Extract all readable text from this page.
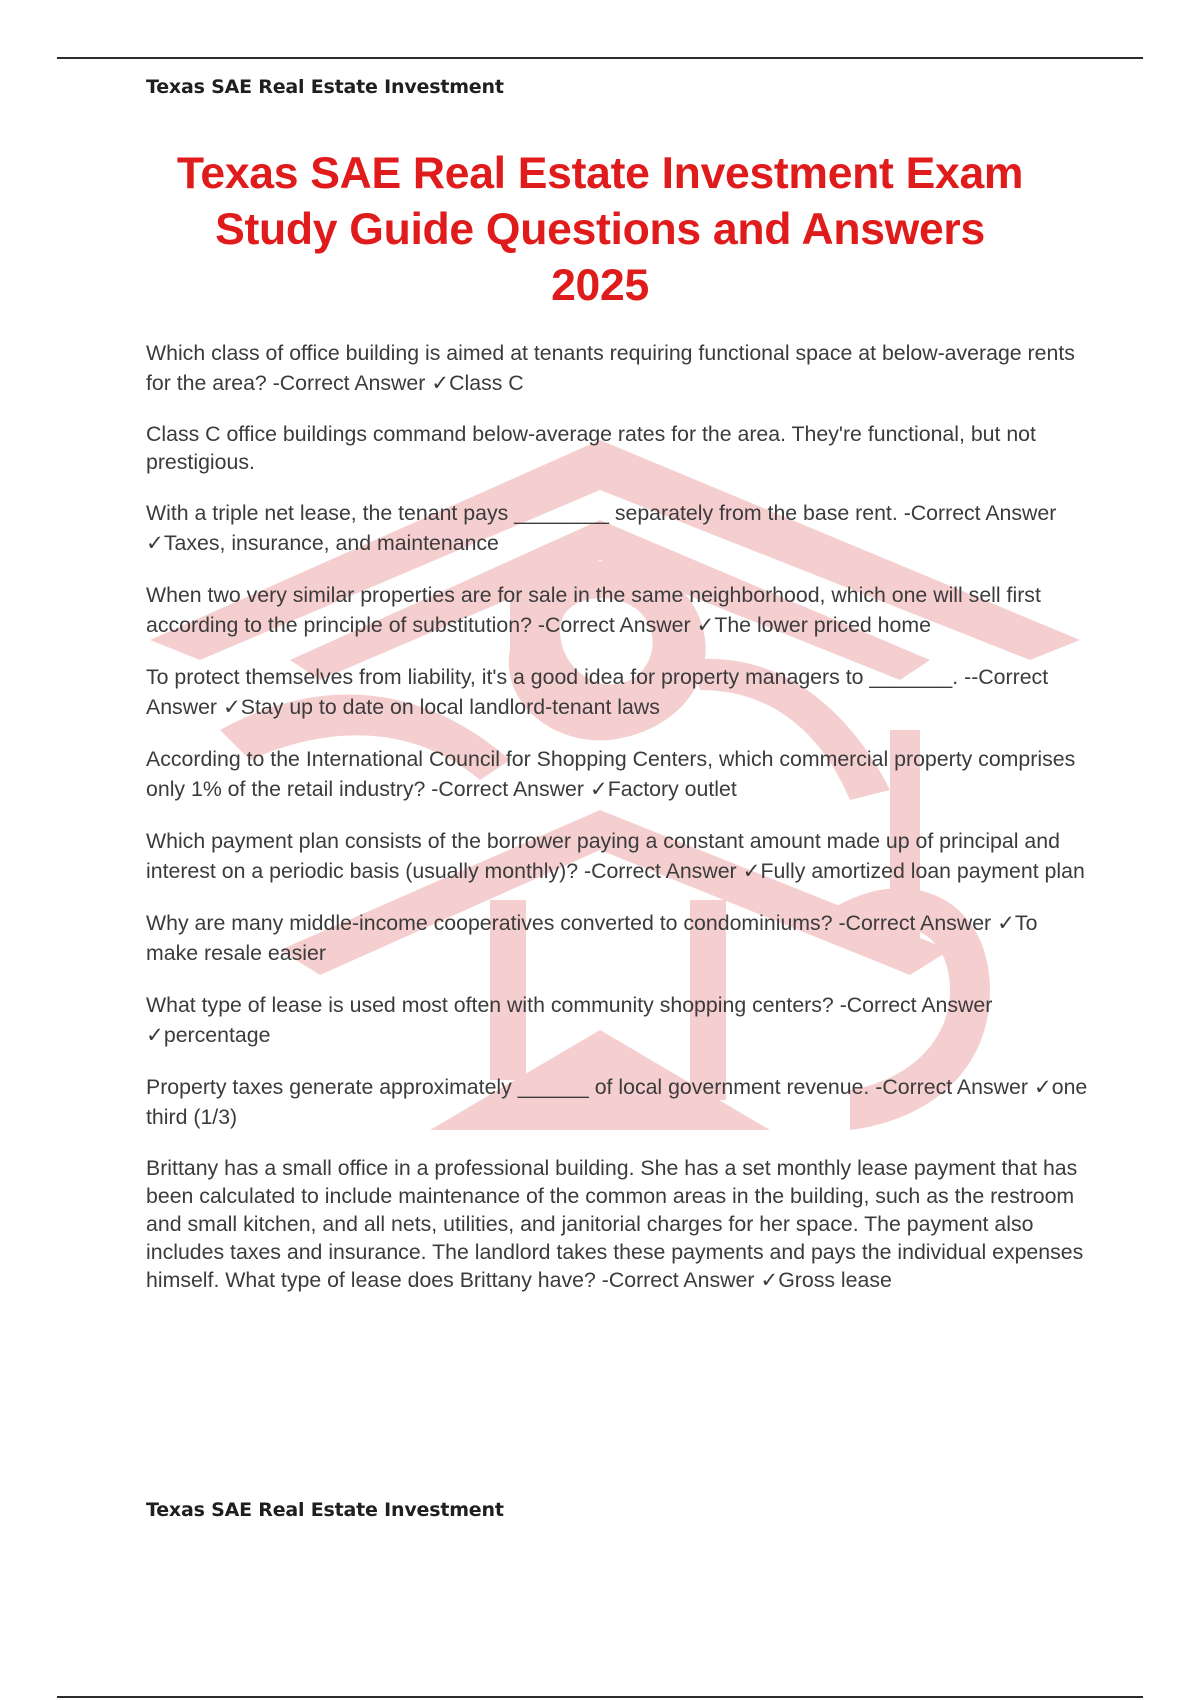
Texas SAE Real Estate Investment
Texas SAE Real Estate Investment Exam
Study Guide Questions and Answers
2025
Which class of office building is aimed at tenants requiring functional space at below-average rents for the area? -Correct Answer ✓Class C
Class C office buildings command below-average rates for the area. They're functional, but not prestigious.
With a triple net lease, the tenant pays ________ separately from the base rent. -Correct Answer ✓Taxes, insurance, and maintenance
When two very similar properties are for sale in the same neighborhood, which one will sell first according to the principle of substitution? -Correct Answer ✓The lower priced home
To protect themselves from liability, it's a good idea for property managers to _______. --Correct Answer ✓Stay up to date on local landlord-tenant laws
According to the International Council for Shopping Centers, which commercial property comprises only 1% of the retail industry? -Correct Answer ✓Factory outlet
Which payment plan consists of the borrower paying a constant amount made up of principal and interest on a periodic basis (usually monthly)? -Correct Answer ✓Fully amortized loan payment plan
Why are many middle-income cooperatives converted to condominiums? -Correct Answer ✓To make resale easier
What type of lease is used most often with community shopping centers? -Correct Answer ✓percentage
Property taxes generate approximately ______ of local government revenue. -Correct Answer ✓one third (1/3)
Brittany has a small office in a professional building. She has a set monthly lease payment that has been calculated to include maintenance of the common areas in the building, such as the restroom and small kitchen, and all nets, utilities, and janitorial charges for her space. The payment also includes taxes and insurance. The landlord takes these payments and pays the individual expenses himself. What type of lease does Brittany have? -Correct Answer ✓Gross lease
Texas SAE Real Estate Investment
